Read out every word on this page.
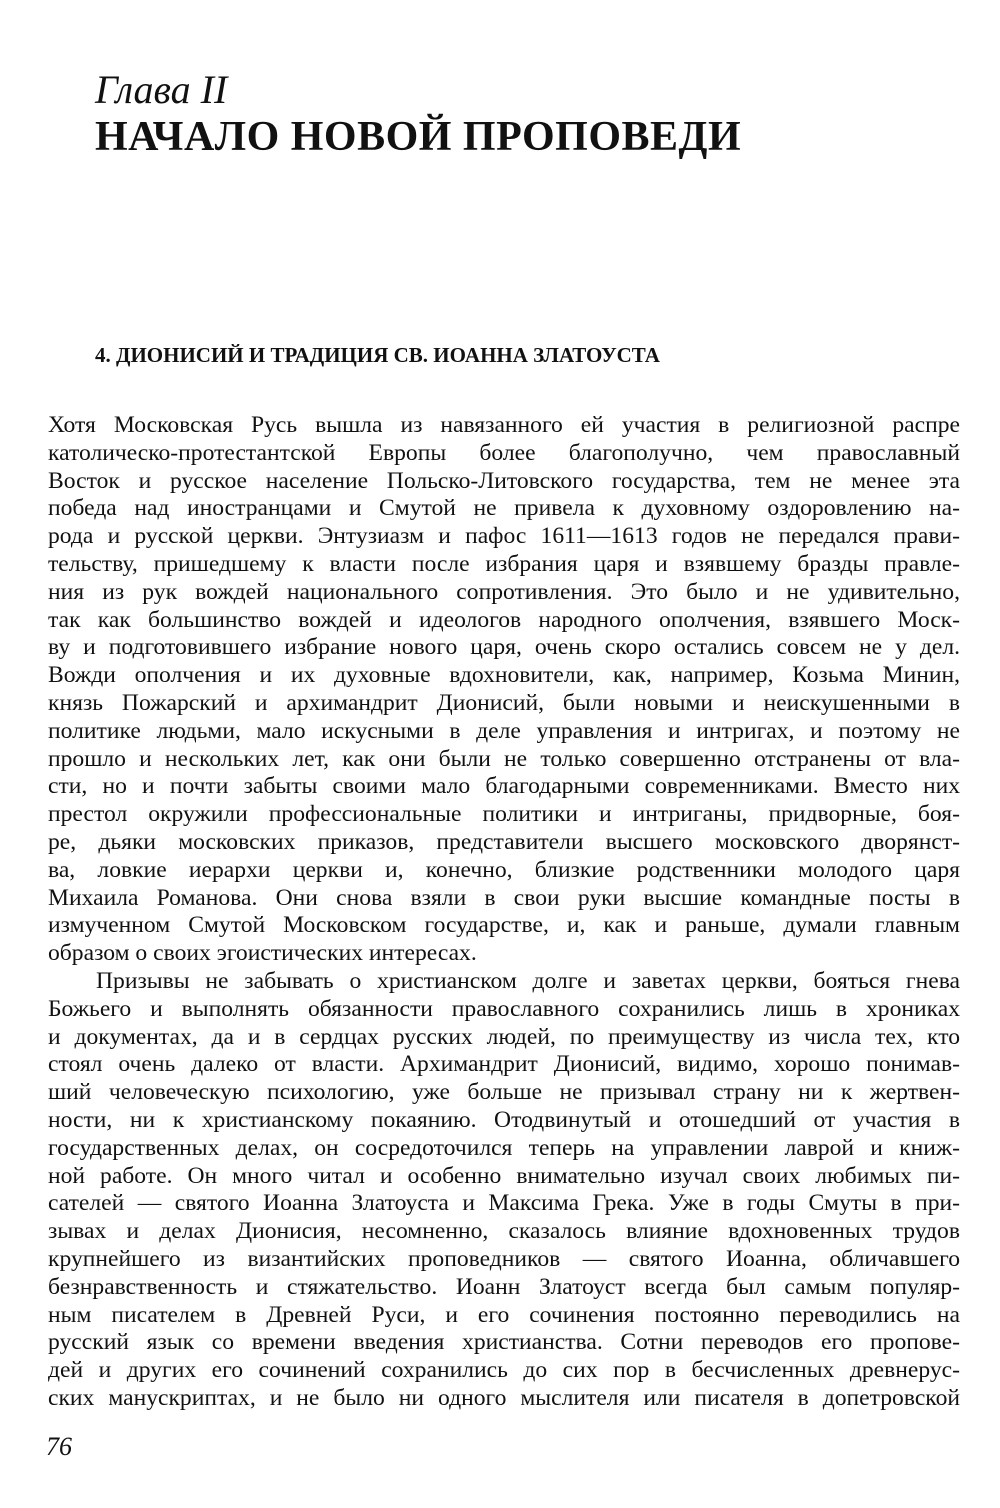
Глава II

НАЧАЛО НОВОЙ ПРОПОВЕДИ
4. ДИОНИСИЙ И ТРАДИЦИЯ СВ. ИОАННА ЗЛАТОУСТА
Хотя Московская Русь вышла из навязанного ей участия в религиозной распре
католическо-протестантской Европы более благополучно, чем православный
Восток и русское население Польско-Литовского государства, тем не менее эта
победа над иностранцами и Смутой не привела к духовному оздоровлению на-
рода и русской церкви. Энтузиазм и пафос 1611—1613 годов не передался прави-
тельству, пришедшему к власти после избрания царя и взявшему бразды правле-
ния из рук вождей национального сопротивления. Это было и не удивительно,
так как большинство вождей и идеологов народного ополчения, взявшего Моск-
ву и подготовившего избрание нового царя, очень скоро остались совсем не у дел.
Вожди ополчения и их духовные вдохновители, как, например, Козьма Минин,
князь Пожарский и архимандрит Дионисий, были новыми и неискушенными в
политике людьми, мало искусными в деле управления и интригах, и поэтому не
прошло и нескольких лет, как они были не только совершенно отстранены от вла-
сти, но и почти забыты своими мало благодарными современниками. Вместо них
престол окружили профессиональные политики и интриганы, придворные, боя-
ре, дьяки московских приказов, представители высшего московского дворянст-
ва, ловкие иерархи церкви и, конечно, близкие родственники молодого царя
Михаила Романова. Они снова взяли в свои руки высшие командные посты в
измученном Смутой Московском государстве, и, как и раньше, думали главным
образом о своих эгоистических интересах.
Призывы не забывать о христианском долге и заветах церкви, бояться гнева
Божьего и выполнять обязанности православного сохранились лишь в хрониках
и документах, да и в сердцах русских людей, по преимуществу из числа тех, кто
стоял очень далеко от власти. Архимандрит Дионисий, видимо, хорошо понимав-
ший человеческую психологию, уже больше не призывал страну ни к жертвен-
ности, ни к христианскому покаянию. Отодвинутый и отошедший от участия в
государственных делах, он сосредоточился теперь на управлении лаврой и книж-
ной работе. Он много читал и особенно внимательно изучал своих любимых пи-
сателей — святого Иоанна Златоуста и Максима Грека. Уже в годы Смуты в при-
зывах и делах Дионисия, несомненно, сказалось влияние вдохновенных трудов
крупнейшего из византийских проповедников — святого Иоанна, обличавшего
безнравственность и стяжательство. Иоанн Златоуст всегда был самым популяр-
ным писателем в Древней Руси, и его сочинения постоянно переводились на
русский язык со времени введения христианства. Сотни переводов его пропове-
дей и других его сочинений сохранились до сих пор в бесчисленных древнерус-
ских манускриптах, и не было ни одного мыслителя или писателя в допетровской

76
